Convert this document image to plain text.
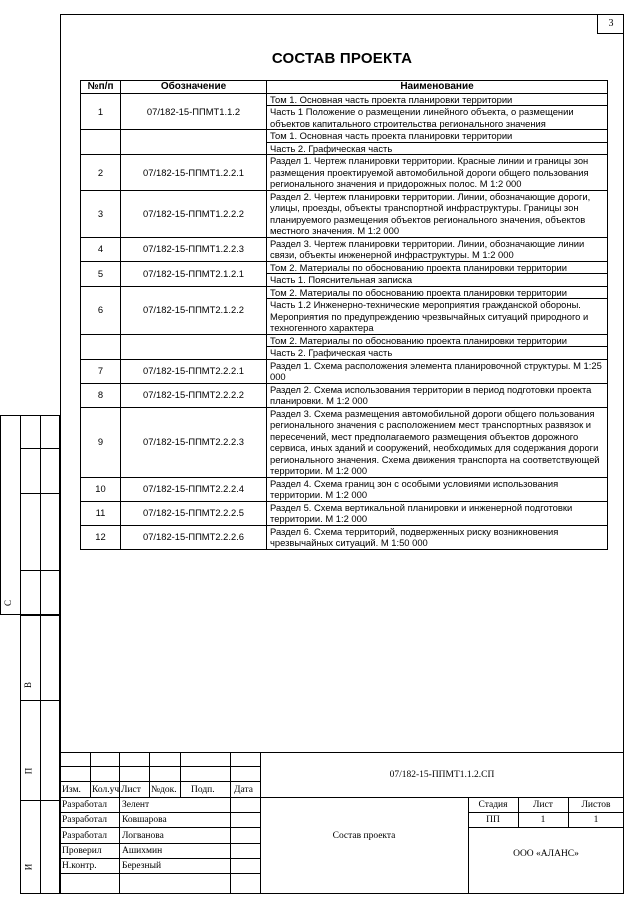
3
СОСТАВ ПРОЕКТА
№п/п	Обозначение	Наименование
1	07/182-15-ППМТ1.1.2	Том 1. Основная часть проекта планировки территории
		Часть 1 Положение о размещении линейного объекта, о размещении объектов капитального строительства регионального значения
		Том 1. Основная часть проекта планировки территории
		Часть 2. Графическая часть
2	07/182-15-ППМТ1.2.2.1	Раздел 1. Чертеж планировки территории. Красные линии и границы зон размещения проектируемой автомобильной дороги общего пользования регионального значения и придорожных полос. М 1:2 000
3	07/182-15-ППМТ1.2.2.2	Раздел 2. Чертеж планировки территории. Линии, обозначающие дороги, улицы, проезды, объекты транспортной инфраструктуры. Границы зон планируемого размещения объектов регионального значения, объектов местного значения. М 1:2 000
4	07/182-15-ППМТ1.2.2.3	Раздел 3. Чертеж планировки территории. Линии, обозначающие линии связи, объекты инженерной инфраструктуры. М 1:2 000
5	07/182-15-ППМТ2.1.2.1	Том 2. Материалы по обоснованию проекта планировки территории
		Часть 1. Пояснительная записка
6	07/182-15-ППМТ2.1.2.2	Том 2. Материалы по обоснованию проекта планировки территории
		Часть 1.2 Инженерно-технические мероприятия гражданской обороны. Мероприятия по предупреждению чрезвычайных ситуаций природного и техногенного характера
		Том 2. Материалы по обоснованию проекта планировки территории
		Часть 2. Графическая часть
7	07/182-15-ППМТ2.2.2.1	Раздел 1. Схема расположения элемента планировочной структуры. М 1:25 000
8	07/182-15-ППМТ2.2.2.2	Раздел 2. Схема использования территории в период подготовки проекта планировки. М 1:2 000
9	07/182-15-ППМТ2.2.2.3	Раздел 3. Схема размещения автомобильной дороги общего пользования регионального значения с расположением мест транспортных развязок и пересечений, мест предполагаемого размещения объектов дорожного сервиса, иных зданий и сооружений, необходимых для содержания дороги регионального значения. Схема движения транспорта на соответствующей территории. М 1:2 000
10	07/182-15-ППМТ2.2.2.4	Раздел 4. Схема границ зон с особыми условиями использования территории. М 1:2 000
11	07/182-15-ППМТ2.2.2.5	Раздел 5. Схема вертикальной планировки и инженерной подготовки территории. М 1:2 000
12	07/182-15-ППМТ2.2.2.6	Раздел 6. Схема территорий, подверженных риску возникновения чрезвычайных ситуаций. М 1:50 000
С
В
П
И
Изм. Кол.уч Лист №док. Подп. Дата
07/182-15-ППМТ1.1.2.СП
Разработал Зелент
Разработал Ковшарова
Разработал Логванова
Проверил Ашихмин
Н.контр.	Березный
Состав проекта
Стадия	Лист	Листов
ПП	1	1
ООО «АЛАНС»
